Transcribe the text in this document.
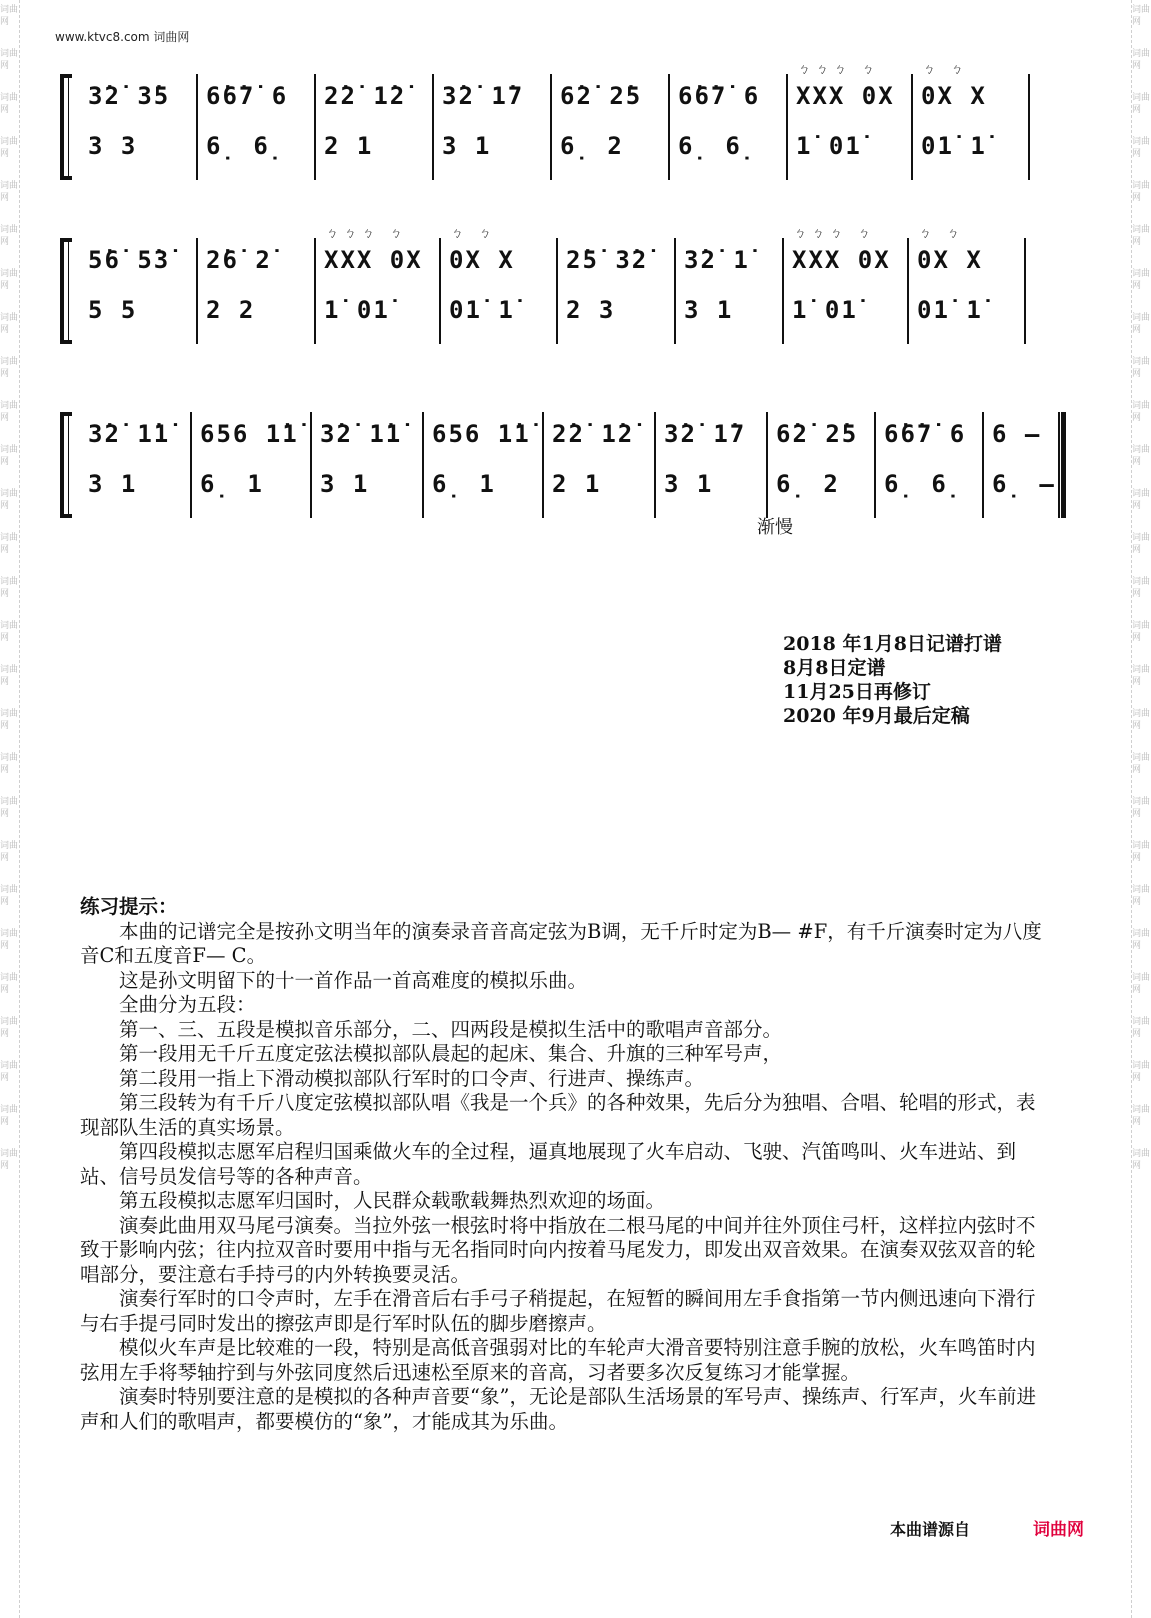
词曲网
词曲网
词曲网
词曲网
词曲网
词曲网
词曲网
词曲网
词曲网
词曲网
词曲网
词曲网
词曲网
词曲网
词曲网
词曲网
词曲网
词曲网
词曲网
词曲网
词曲网
词曲网
词曲网
词曲网
词曲网
词曲网
词曲网
词曲网
词曲网
词曲网
词曲网
词曲网
词曲网
词曲网
词曲网
词曲网
词曲网
词曲网
词曲网
词曲网
词曲网
词曲网
词曲网
词曲网
词曲网
词曲网
词曲网
词曲网
词曲网
词曲网
词曲网
词曲网
词曲网
词曲网
www.ktvc8.com 词曲网
3̇2̇ 3̇5
3 3
6̇6̇7̇ 6
6̣ 6̣
2̇2̇ 1̇2̇
2 1
3̇2̇ 1̇7
3 1
6̇2̇ 2̇5
6̣ 2
6̇6̇7̇ 6
6̣ 6̣
ㄅㄅㄅ ㄅ
XXX 0X
1̇ 01̇
ㄅ ㄅ
0X X
01̇ 1̇
5̇6̇ 5̇3̇
5 5
2̇6̇ 2̇
2 2
ㄅㄅㄅ ㄅ
XXX 0X
1̇ 01̇
ㄅ ㄅ
0X X
01̇ 1̇
2̇5̇ 3̇2̇
2 3
3̇2̇ 1̇
3 1
ㄅㄅㄅ ㄅ
XXX 0X
1̇ 01̇
ㄅ ㄅ
0X X
01̇ 1̇
3̇2̇ 1̇1̇
3 1
656 1̇1̇
6̣ 1
3̇2̇ 1̇1̇
3 1
656 1̇1̇
6̣ 1
2̇2̇ 1̇2̇
2 1
3̇2̇ 1̇7
3 1
6̇2̇ 2̇5
6̣ 2
6̇6̇7̇ 6
6̣ 6̣
6 –
6̣ –
渐慢
2018 年1月8日记谱打谱
8月8日定谱
11月25日再修订
2020 年9月最后定稿
练习提示：

本曲的记谱完全是按孙文明当年的演奏录音音高定弦为B调，无千斤时定为B— #F，有千斤演奏时定为八度音C和五度音F— C。

这是孙文明留下的十一首作品一首高难度的模拟乐曲。

全曲分为五段：

第一、三、五段是模拟音乐部分，二、四两段是模拟生活中的歌唱声音部分。

第一段用无千斤五度定弦法模拟部队晨起的起床、集合、升旗的三种军号声，

第二段用一指上下滑动模拟部队行军时的口令声、行进声、操练声。

第三段转为有千斤八度定弦模拟部队唱《我是一个兵》的各种效果，先后分为独唱、合唱、轮唱的形式，表现部队生活的真实场景。

第四段模拟志愿军启程归国乘做火车的全过程，逼真地展现了火车启动、飞驶、汽笛鸣叫、火车进站、到站、信号员发信号等的各种声音。

第五段模拟志愿军归国时，人民群众载歌载舞热烈欢迎的场面。

演奏此曲用双马尾弓演奏。当拉外弦一根弦时将中指放在二根马尾的中间并往外顶住弓杆，这样拉内弦时不致于影响内弦；往内拉双音时要用中指与无名指同时向内按着马尾发力，即发出双音效果。在演奏双弦双音的轮唱部分，要注意右手持弓的内外转换要灵活。

演奏行军时的口令声时，左手在滑音后右手弓子稍提起，在短暂的瞬间用左手食指第一节内侧迅速向下滑行与右手提弓同时发出的擦弦声即是行军时队伍的脚步磨擦声。

模似火车声是比较难的一段，特别是高低音强弱对比的车轮声大滑音要特别注意手腕的放松，火车鸣笛时内弦用左手将琴轴拧到与外弦同度然后迅速松至原来的音高，习者要多次反复练习才能掌握。

演奏时特别要注意的是模拟的各种声音要“象”，无论是部队生活场景的军号声、操练声、行军声，火车前进声和人们的歌唱声，都要模仿的“象”，才能成其为乐曲。

本曲谱源自	词曲网
